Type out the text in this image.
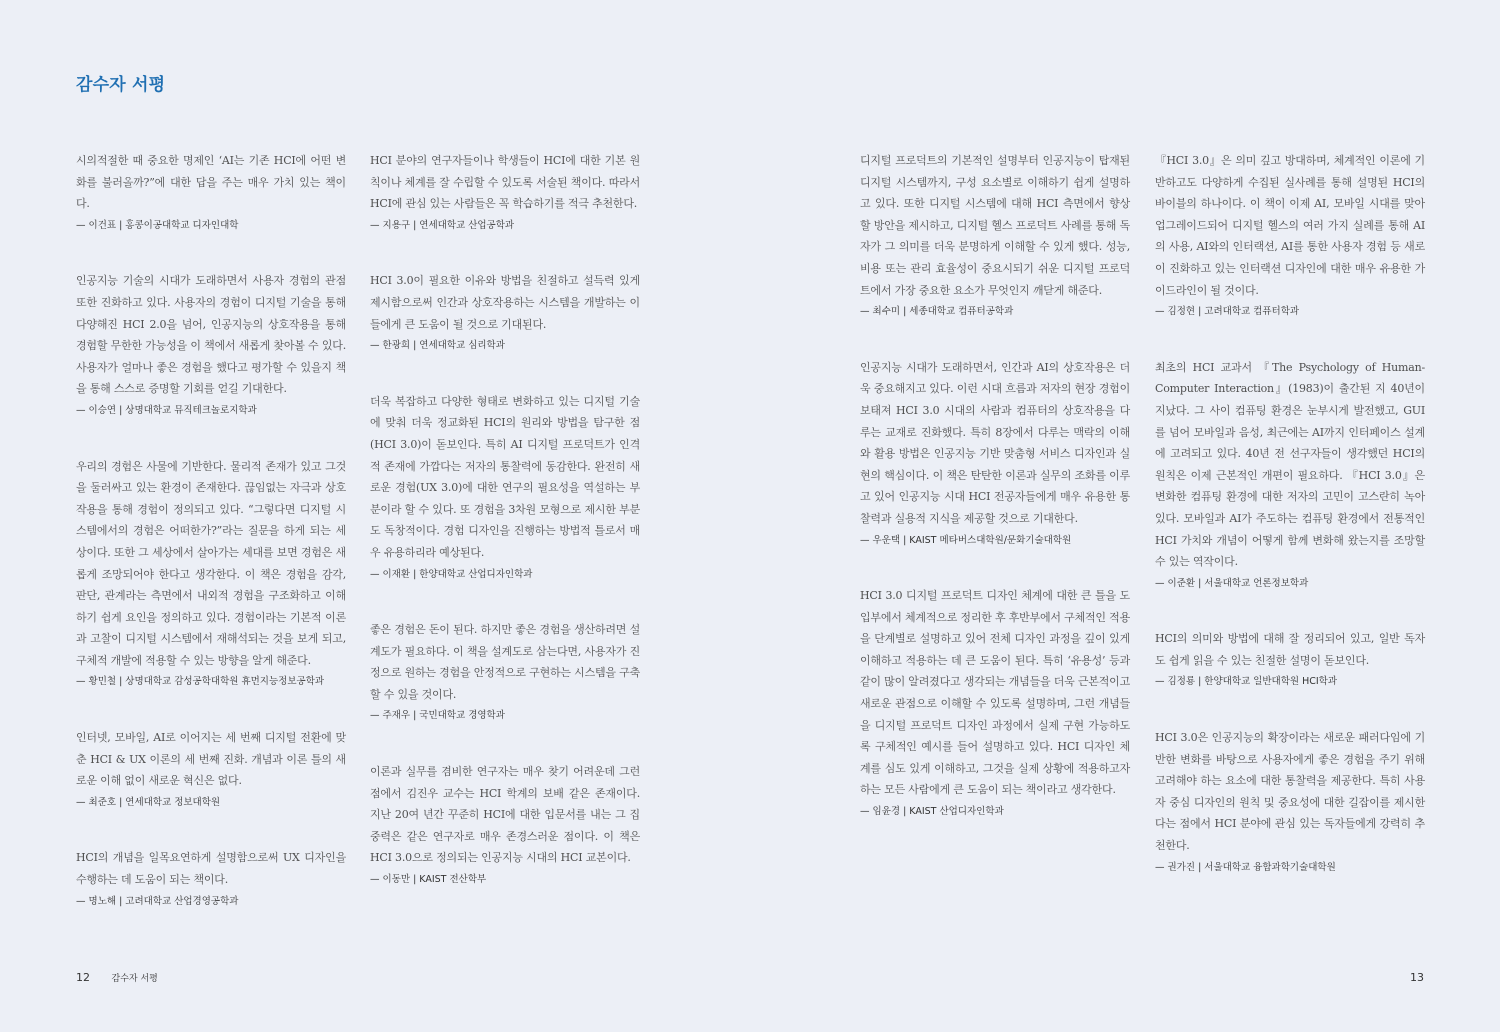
감수자 서평

시의적절한 때 중요한 명제인 ‘AI는 기존 HCI에 어떤 변화를 불러올까?”에 대한 답을 주는 매우 가치 있는 책이다.

— 이건표 | 홍콩이공대학교 디자인대학

인공지능 기술의 시대가 도래하면서 사용자 경험의 관점 또한 진화하고 있다. 사용자의 경험이 디지털 기술을 통해 다양해진 HCI 2.0을 넘어, 인공지능의 상호작용을 통해 경험할 무한한 가능성을 이 책에서 새롭게 찾아볼 수 있다. 사용자가 얼마나 좋은 경험을 했다고 평가할 수 있을지 책을 통해 스스로 증명할 기회를 얻길 기대한다.

— 이승연 | 상명대학교 뮤직테크놀로지학과

우리의 경험은 사물에 기반한다. 물리적 존재가 있고 그것을 둘러싸고 있는 환경이 존재한다. 끊임없는 자극과 상호작용을 통해 경험이 정의되고 있다. “그렇다면 디지털 시스템에서의 경험은 어떠한가?”라는 질문을 하게 되는 세상이다. 또한 그 세상에서 살아가는 세대를 보면 경험은 새롭게 조망되어야 한다고 생각한다. 이 책은 경험을 감각, 판단, 관계라는 측면에서 내외적 경험을 구조화하고 이해하기 쉽게 요인을 정의하고 있다. 경험이라는 기본적 이론과 고찰이 디지털 시스템에서 재해석되는 것을 보게 되고, 구체적 개발에 적용할 수 있는 방향을 알게 해준다.

— 황민철 | 상명대학교 감성공학대학원 휴먼지능정보공학과

인터넷, 모바일, AI로 이어지는 세 번째 디지털 전환에 맞춘 HCI & UX 이론의 세 번째 진화. 개념과 이론 틀의 새로운 이해 없이 새로운 혁신은 없다.

— 최준호 | 연세대학교 정보대학원

HCI의 개념을 일목요연하게 설명함으로써 UX 디자인을 수행하는 데 도움이 되는 책이다.

— 명노해 | 고려대학교 산업경영공학과

HCI 분야의 연구자들이나 학생들이 HCI에 대한 기본 원칙이나 체계를 잘 수립할 수 있도록 서술된 책이다. 따라서 HCI에 관심 있는 사람들은 꼭 학습하기를 적극 추천한다.

— 지용구 | 연세대학교 산업공학과

HCI 3.0이 필요한 이유와 방법을 친절하고 설득력 있게 제시함으로써 인간과 상호작용하는 시스템을 개발하는 이들에게 큰 도움이 될 것으로 기대된다.

— 한광희 | 연세대학교 심리학과

더욱 복잡하고 다양한 형태로 변화하고 있는 디지털 기술에 맞춰 더욱 정교화된 HCI의 원리와 방법을 탐구한 점(HCI 3.0)이 돋보인다. 특히 AI 디지털 프로덕트가 인격적 존재에 가깝다는 저자의 통찰력에 동감한다. 완전히 새로운 경험(UX 3.0)에 대한 연구의 필요성을 역설하는 부분이라 할 수 있다. 또 경험을 3차원 모형으로 제시한 부분도 독창적이다. 경험 디자인을 진행하는 방법적 틀로서 매우 유용하리라 예상된다.

— 이재환 | 한양대학교 산업디자인학과

좋은 경험은 돈이 된다. 하지만 좋은 경험을 생산하려면 설계도가 필요하다. 이 책을 설계도로 삼는다면, 사용자가 진정으로 원하는 경험을 안정적으로 구현하는 시스템을 구축할 수 있을 것이다.

— 주재우 | 국민대학교 경영학과

이론과 실무를 겸비한 연구자는 매우 찾기 어려운데 그런 점에서 김진우 교수는 HCI 학계의 보배 같은 존재이다. 지난 20여 년간 꾸준히 HCI에 대한 입문서를 내는 그 집중력은 같은 연구자로 매우 존경스러운 점이다. 이 책은 HCI 3.0으로 정의되는 인공지능 시대의 HCI 교본이다.

— 이동만 | KAIST 전산학부

디지털 프로덕트의 기본적인 설명부터 인공지능이 탑재된 디지털 시스템까지, 구성 요소별로 이해하기 쉽게 설명하고 있다. 또한 디지털 시스템에 대해 HCI 측면에서 향상할 방안을 제시하고, 디지털 헬스 프로덕트 사례를 통해 독자가 그 의미를 더욱 분명하게 이해할 수 있게 했다. 성능, 비용 또는 관리 효율성이 중요시되기 쉬운 디지털 프로덕트에서 가장 중요한 요소가 무엇인지 깨닫게 해준다.

— 최수미 | 세종대학교 컴퓨터공학과

인공지능 시대가 도래하면서, 인간과 AI의 상호작용은 더욱 중요해지고 있다. 이런 시대 흐름과 저자의 현장 경험이 보태져 HCI 3.0 시대의 사람과 컴퓨터의 상호작용을 다루는 교재로 진화했다. 특히 8장에서 다루는 맥락의 이해와 활용 방법은 인공지능 기반 맞춤형 서비스 디자인과 실현의 핵심이다. 이 책은 탄탄한 이론과 실무의 조화를 이루고 있어 인공지능 시대 HCI 전공자들에게 매우 유용한 통찰력과 실용적 지식을 제공할 것으로 기대한다.

— 우운택 | KAIST 메타버스대학원/문화기술대학원

HCI 3.0 디지털 프로덕트 디자인 체계에 대한 큰 틀을 도입부에서 체계적으로 정리한 후 후반부에서 구체적인 적용을 단계별로 설명하고 있어 전체 디자인 과정을 깊이 있게 이해하고 적용하는 데 큰 도움이 된다. 특히 ‘유용성’ 등과 같이 많이 알려졌다고 생각되는 개념들을 더욱 근본적이고 새로운 관점으로 이해할 수 있도록 설명하며, 그런 개념들을 디지털 프로덕트 디자인 과정에서 실제 구현 가능하도록 구체적인 예시를 들어 설명하고 있다. HCI 디자인 체계를 심도 있게 이해하고, 그것을 실제 상황에 적용하고자 하는 모든 사람에게 큰 도움이 되는 책이라고 생각한다.

— 임윤경 | KAIST 산업디자인학과

『HCI 3.0』은 의미 깊고 방대하며, 체계적인 이론에 기반하고도 다양하게 수집된 실사례를 통해 설명된 HCI의 바이블의 하나이다. 이 책이 이제 AI, 모바일 시대를 맞아 업그레이드되어 디지털 헬스의 여러 가지 실례를 통해 AI의 사용, AI와의 인터랙션, AI를 통한 사용자 경험 등 새로이 진화하고 있는 인터랙션 디자인에 대한 매우 유용한 가이드라인이 될 것이다.

— 김정현 | 고려대학교 컴퓨터학과

최초의 HCI 교과서 『The Psychology of Human-Computer Interaction』(1983)이 출간된 지 40년이 지났다. 그 사이 컴퓨팅 환경은 눈부시게 발전했고, GUI를 넘어 모바일과 음성, 최근에는 AI까지 인터페이스 설계에 고려되고 있다. 40년 전 선구자들이 생각했던 HCI의 원칙은 이제 근본적인 개편이 필요하다. 『HCI 3.0』은 변화한 컴퓨팅 환경에 대한 저자의 고민이 고스란히 녹아 있다. 모바일과 AI가 주도하는 컴퓨팅 환경에서 전통적인 HCI 가치와 개념이 어떻게 함께 변화해 왔는지를 조망할 수 있는 역작이다.

— 이준환 | 서울대학교 언론정보학과

HCI의 의미와 방법에 대해 잘 정리되어 있고, 일반 독자도 쉽게 읽을 수 있는 친절한 설명이 돋보인다.

— 김정룡 | 한양대학교 일반대학원 HCI학과

HCI 3.0은 인공지능의 확장이라는 새로운 패러다임에 기반한 변화를 바탕으로 사용자에게 좋은 경험을 주기 위해 고려해야 하는 요소에 대한 통찰력을 제공한다. 특히 사용자 중심 디자인의 원칙 및 중요성에 대한 길잡이를 제시한다는 점에서 HCI 분야에 관심 있는 독자들에게 강력히 추천한다.

— 권가진 | 서울대학교 융합과학기술대학원
12 감수자 서평	13
